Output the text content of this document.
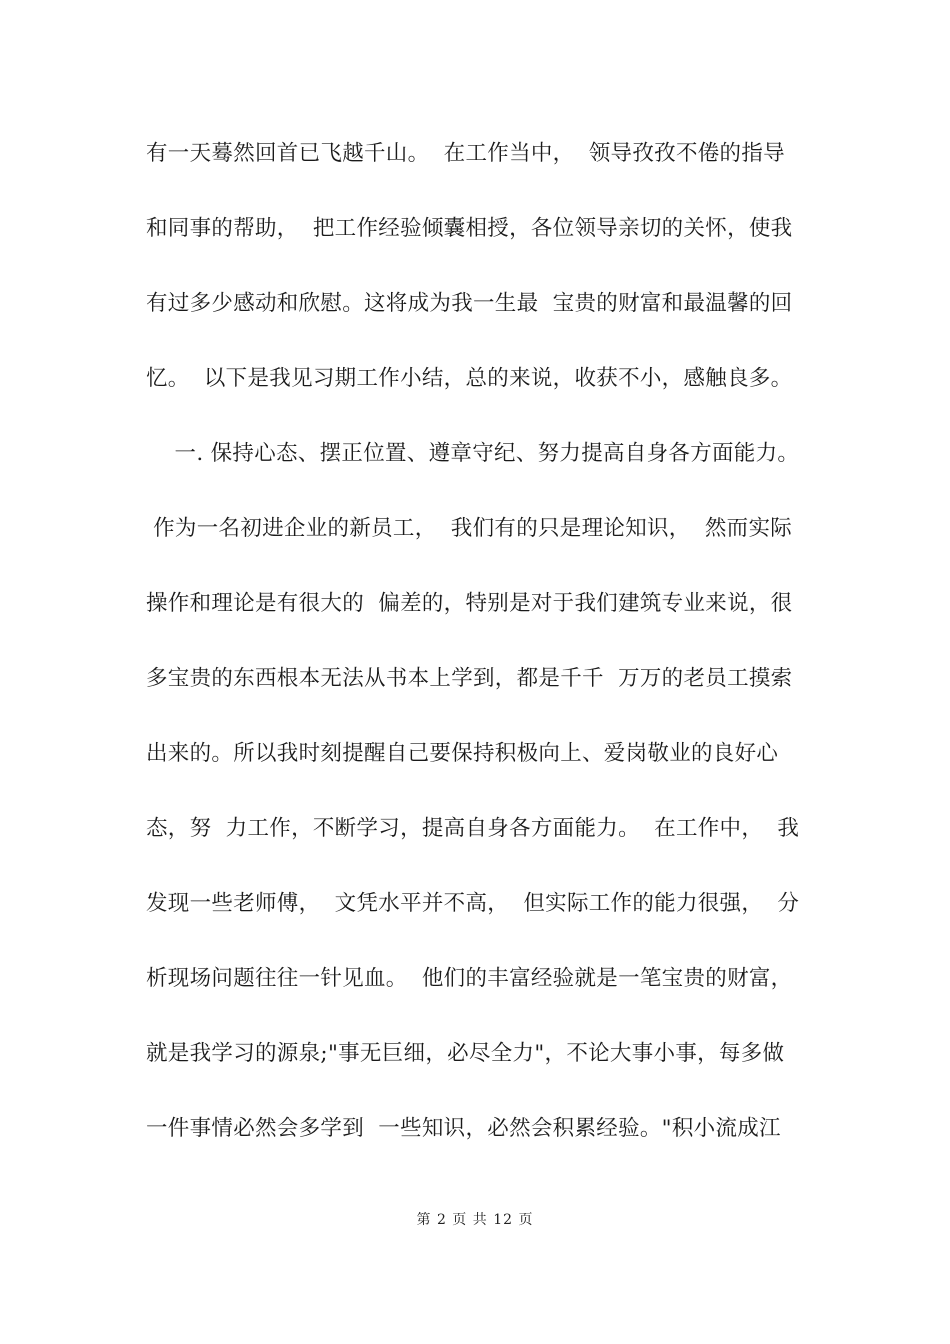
有一天蓦然回首已飞越千山。  在工作当中，  领导孜孜不倦的指导
和同事的帮助，  把工作经验倾囊相授，各位领导亲切的关怀，使我
有过多少感动和欣慰。这将成为我一生最  宝贵的财富和最温馨的回
忆。  以下是我见习期工作小结，总的来说，收获不小，感触良多。
一. 保持心态、摆正位置、遵章守纪、努力提高自身各方面能力。
作为一名初进企业的新员工，  我们有的只是理论知识，  然而实际
操作和理论是有很大的  偏差的，特别是对于我们建筑专业来说，很
多宝贵的东西根本无法从书本上学到，都是千千  万万的老员工摸索
出来的。所以我时刻提醒自己要保持积极向上、爱岗敬业的良好心
态，努  力工作，不断学习，提高自身各方面能力。  在工作中，  我
发现一些老师傅，  文凭水平并不高，  但实际工作的能力很强，  分
析现场问题往往一针见血。  他们的丰富经验就是一笔宝贵的财富，
就是我学习的源泉;"事无巨细，必尽全力"，不论大事小事，每多做
一件事情必然会多学到  一些知识，必然会积累经验。"积小流成江
第 2 页 共 12 页
